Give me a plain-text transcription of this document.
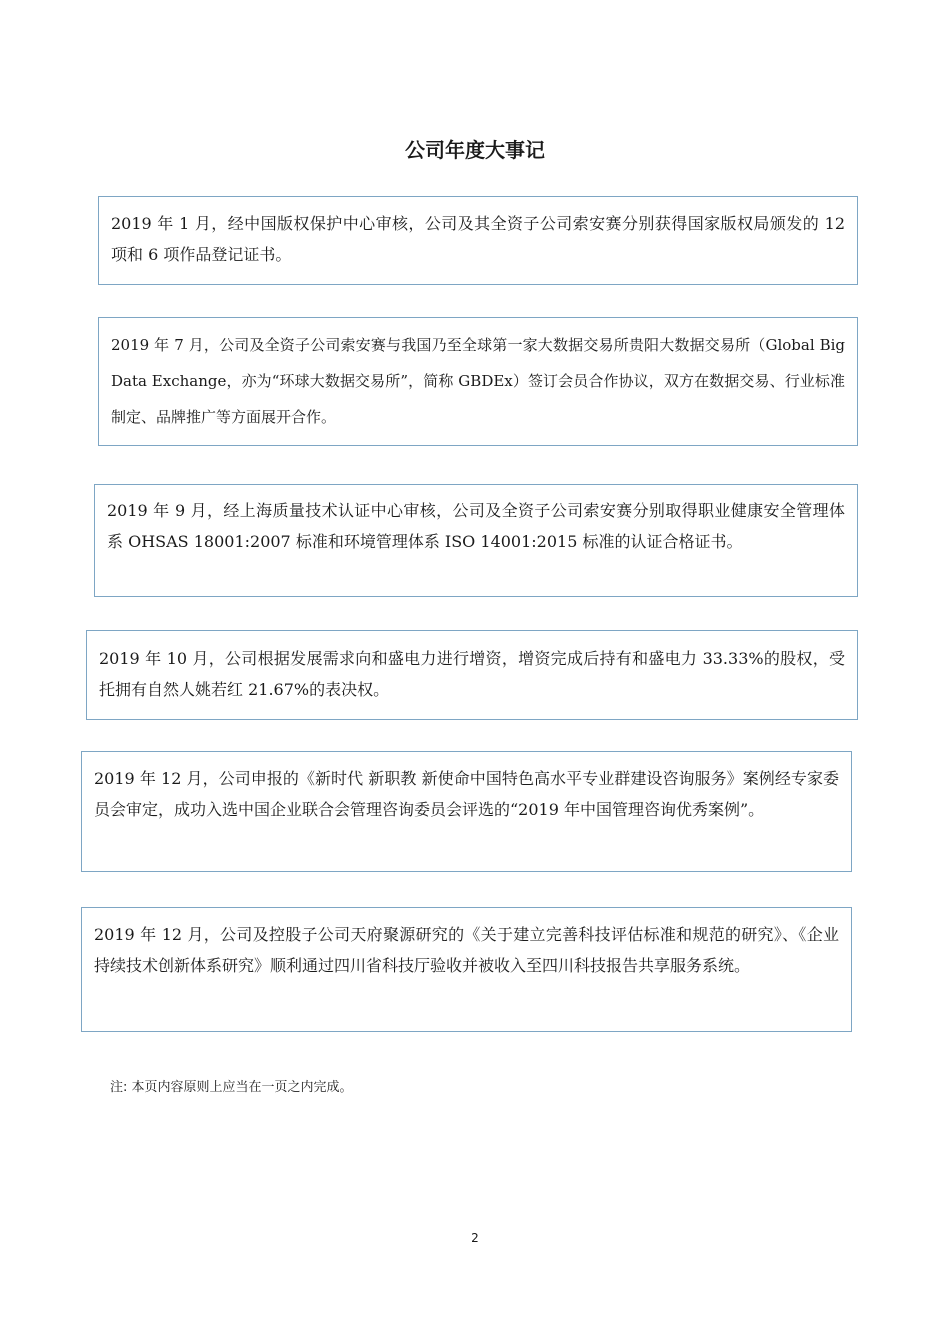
公司年度大事记

2019 年 1 月，经中国版权保护中心审核，公司及其全资子公司索安赛分别获得国家版权局颁发的 12 项和 6 项作品登记证书。

2019 年 7 月，公司及全资子公司索安赛与我国乃至全球第一家大数据交易所贵阳大数据交易所（Global Big Data Exchange，亦为“环球大数据交易所”，简称 GBDEx）签订会员合作协议，双方在数据交易、行业标准制定、品牌推广等方面展开合作。

2019 年 9 月，经上海质量技术认证中心审核，公司及全资子公司索安赛分别取得职业健康安全管理体系 OHSAS 18001:2007 标准和环境管理体系 ISO 14001:2015 标准的认证合格证书。

2019 年 10 月，公司根据发展需求向和盛电力进行增资，增资完成后持有和盛电力 33.33%的股权，受托拥有自然人姚若红 21.67%的表决权。

2019 年 12 月，公司申报的《新时代 新职教 新使命中国特色高水平专业群建设咨询服务》案例经专家委员会审定，成功入选中国企业联合会管理咨询委员会评选的“2019 年中国管理咨询优秀案例”。

2019 年 12 月，公司及控股子公司天府聚源研究的《关于建立完善科技评估标准和规范的研究》、《企业持续技术创新体系研究》顺利通过四川省科技厅验收并被收入至四川科技报告共享服务系统。

注: 本页内容原则上应当在一页之内完成。

2
